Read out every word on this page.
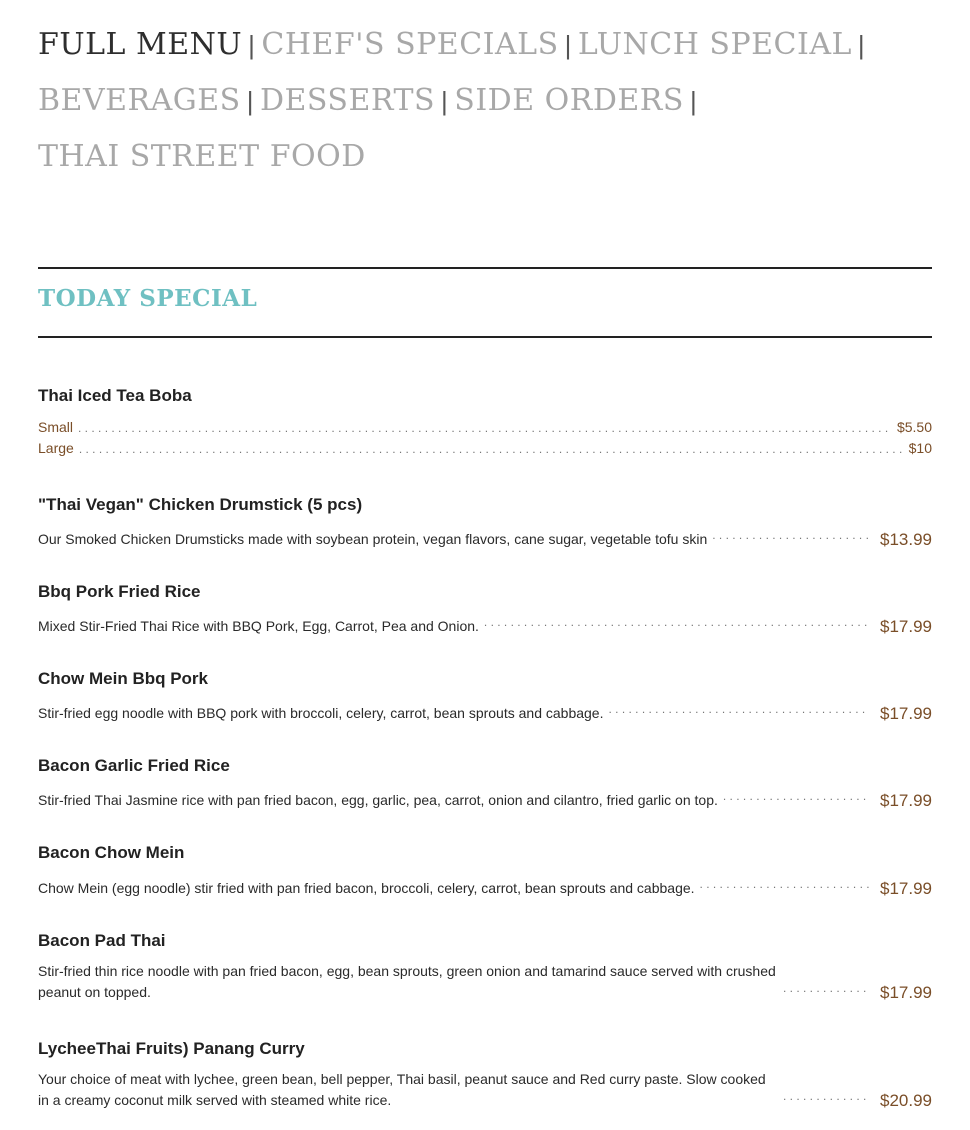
FULL MENU | CHEF'S SPECIALS | LUNCH SPECIAL |
BEVERAGES | DESSERTS | SIDE ORDERS |
THAI STREET FOOD
TODAY SPECIAL
Thai Iced Tea Boba
Small . . .	$5.50
Large . . .	$10
"Thai Vegan" Chicken Drumstick (5 pcs)
Our Smoked Chicken Drumsticks made with soybean protein, vegan flavors, cane sugar, vegetable tofu skin . . .	$13.99
Bbq Pork Fried Rice
Mixed Stir-Fried Thai Rice with BBQ Pork, Egg, Carrot, Pea and Onion. . . .	$17.99
Chow Mein Bbq Pork
Stir-fried egg noodle with BBQ pork with broccoli, celery, carrot, bean sprouts and cabbage. . . .	$17.99
Bacon Garlic Fried Rice
Stir-fried Thai Jasmine rice with pan fried bacon, egg, garlic, pea, carrot, onion and cilantro, fried garlic on top. . . .	$17.99
Bacon Chow Mein
Chow Mein (egg noodle) stir fried with pan fried bacon, broccoli, celery, carrot, bean sprouts and cabbage. . . .	$17.99
Bacon Pad Thai
Stir-fried thin rice noodle with pan fried bacon, egg, bean sprouts, green onion and tamarind sauce served with crushed peanut on topped. . . .	$17.99
LycheeThai Fruits) Panang Curry
Your choice of meat with lychee, green bean, bell pepper, Thai basil, peanut sauce and Red curry paste. Slow cooked in a creamy coconut milk served with steamed white rice. . . .	$20.99
